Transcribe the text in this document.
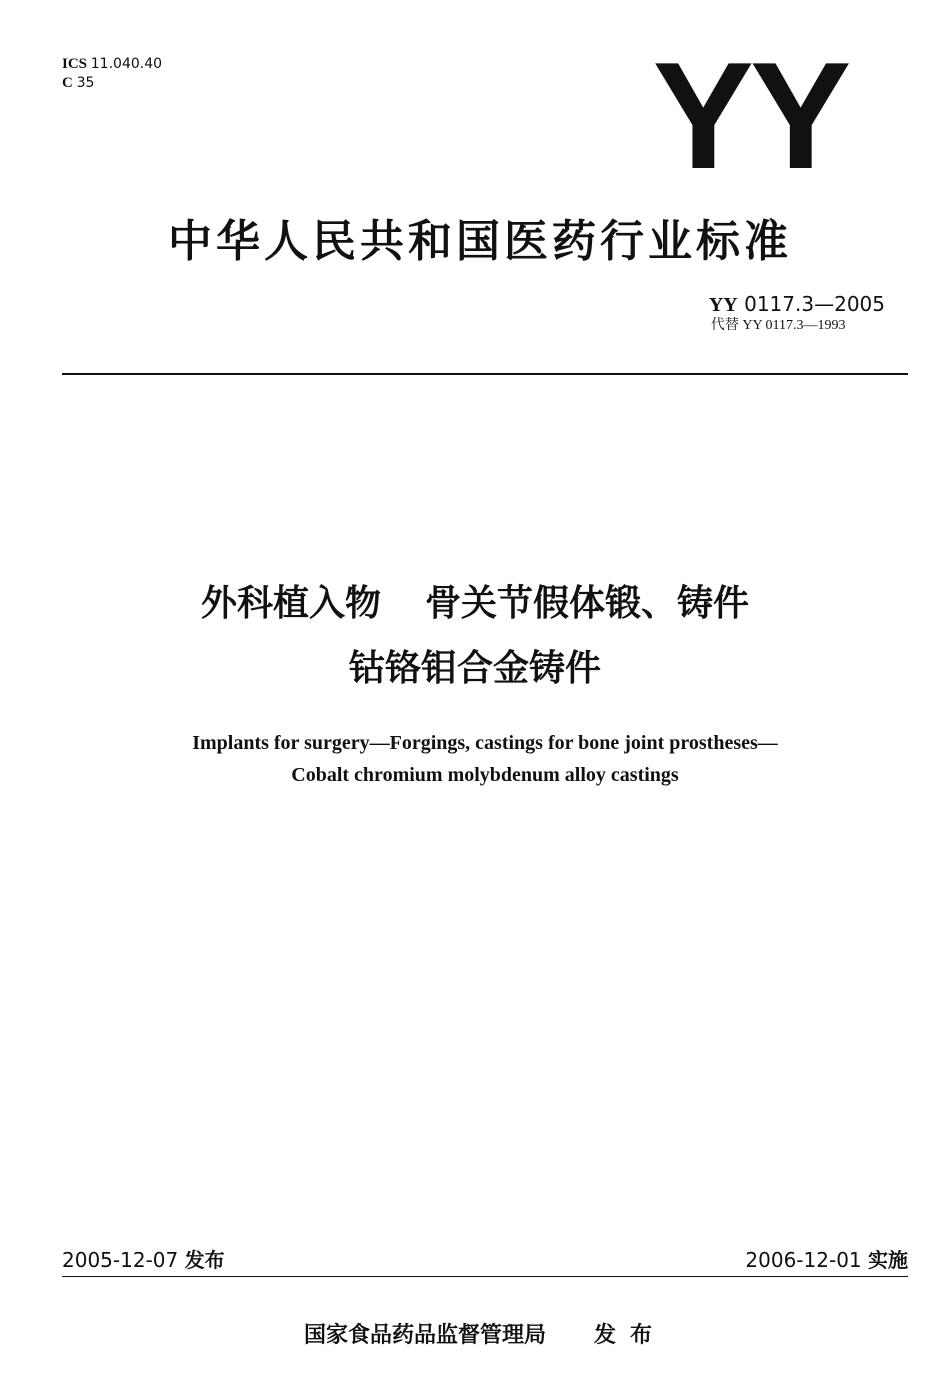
ICS 11.040.40
C 35	YY
中华人民共和国医药行业标准
YY 0117.3—2005
代替 YY 0117.3—1993
外科植入物 骨关节假体锻、铸件
钴铬钼合金铸件
Implants for surgery—Forgings, castings for bone joint prostheses—
Cobalt chromium molybdenum alloy castings
2005-12-07 发布	2006-12-01 实施
国家食品药品监督管理局 发布
